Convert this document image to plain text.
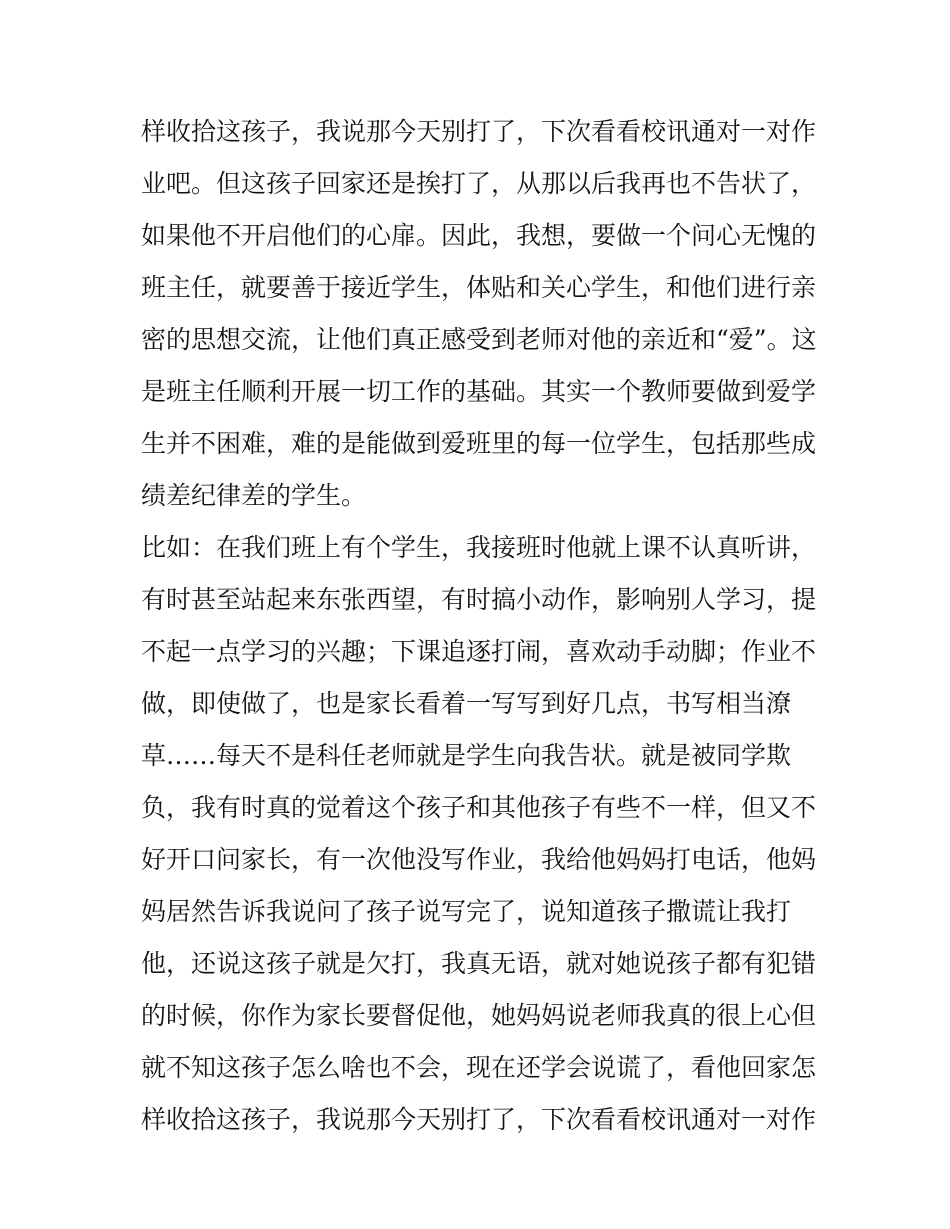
样收拾这孩子，我说那今天别打了，下次看看校讯通对一对作
业吧。但这孩子回家还是挨打了，从那以后我再也不告状了，
如果他不开启他们的心扉。因此，我想，要做一个问心无愧的
班主任，就要善于接近学生，体贴和关心学生，和他们进行亲
密的思想交流，让他们真正感受到老师对他的亲近和“爱”。这
是班主任顺利开展一切工作的基础。其实一个教师要做到爱学
生并不困难，难的是能做到爱班里的每一位学生，包括那些成
绩差纪律差的学生。
比如：在我们班上有个学生，我接班时他就上课不认真听讲，
有时甚至站起来东张西望，有时搞小动作，影响别人学习，提
不起一点学习的兴趣；下课追逐打闹，喜欢动手动脚；作业不
做，即使做了，也是家长看着一写写到好几点，书写相当潦
草……每天不是科任老师就是学生向我告状。就是被同学欺
负，我有时真的觉着这个孩子和其他孩子有些不一样，但又不
好开口问家长，有一次他没写作业，我给他妈妈打电话，他妈
妈居然告诉我说问了孩子说写完了，说知道孩子撒谎让我打
他，还说这孩子就是欠打，我真无语，就对她说孩子都有犯错
的时候，你作为家长要督促他，她妈妈说老师我真的很上心但
就不知这孩子怎么啥也不会，现在还学会说谎了，看他回家怎
样收拾这孩子，我说那今天别打了，下次看看校讯通对一对作
